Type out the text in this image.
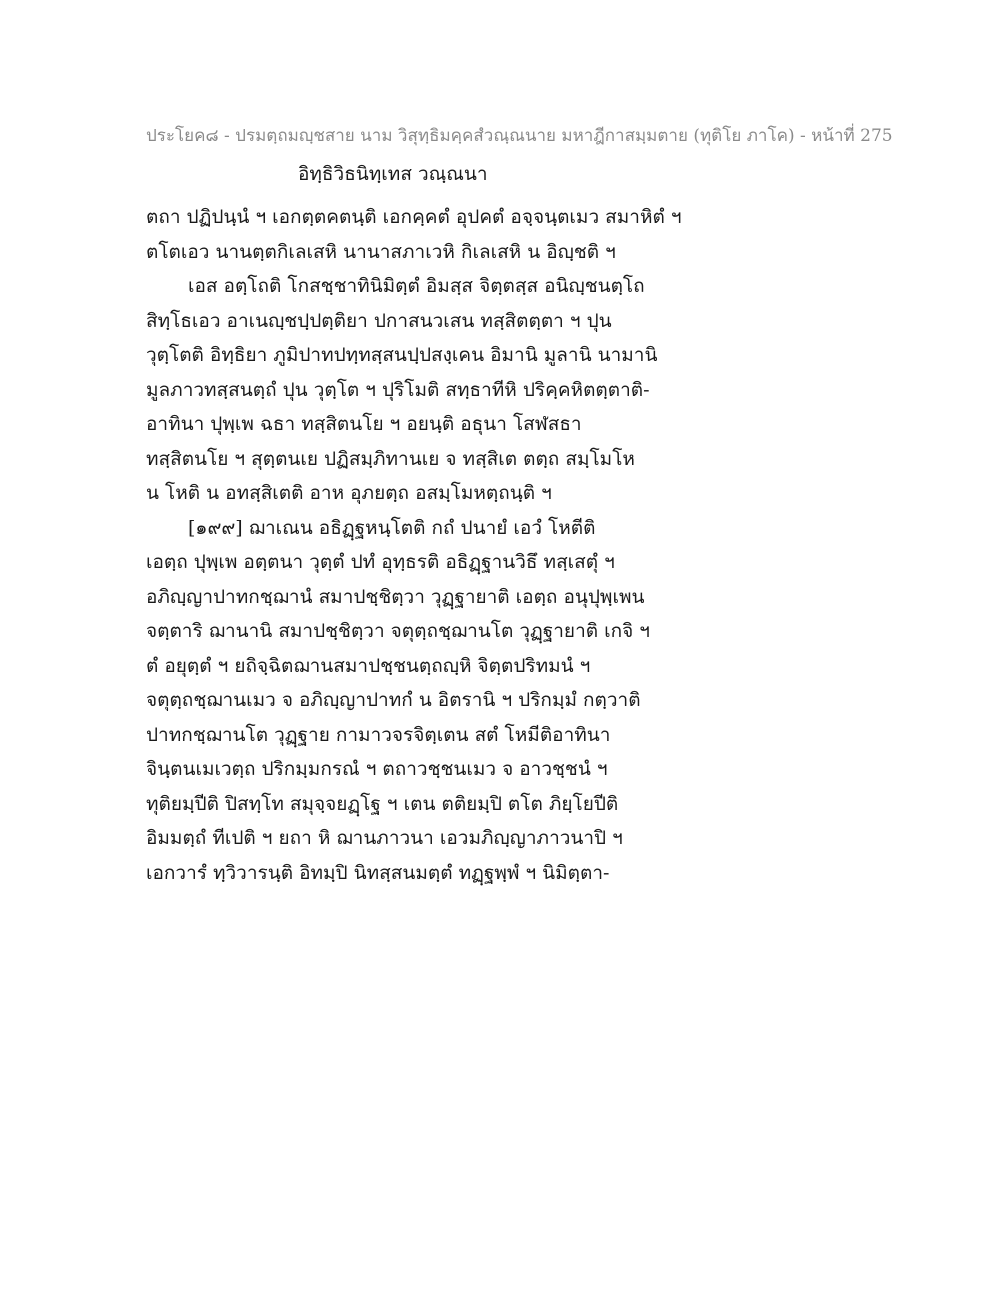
ประโยค๘ - ปรมตฺถมญฺชสาย นาม วิสุทฺธิมคฺคสํวณฺณนาย มหาฎีกาสมฺมตาย (ทุติโย ภาโค) - หน้าที่ 275
อิทฺธิวิธนิทฺเทส วณฺณนา
ตถา ปฏิปนฺนํ ฯ เอกตฺตคตนฺติ เอกคฺคตํ อุปคตํ อจฺจนฺตเมว สมาหิตํ ฯ
ตโตเอว นานตฺตกิเลเสหิ นานาสภาเวหิ กิเลเสหิ น อิญฺชติ ฯ
เอส อตฺโถติ โกสชฺชาทินิมิตฺตํ อิมสฺส จิตฺตสฺส อนิญฺชนตฺโถ
สิทฺโธเอว อาเนญฺชปฺปตฺติยา ปกาสนวเสน ทสฺสิตตฺตา ฯ ปุน
วุตฺโตติ อิทฺธิยา ภูมิปาทปทฺทสฺสนปฺปสงฺเคน อิมานิ มูลานิ นามานิ
มูลภาวทสฺสนตฺถํ ปุน วุตฺโต ฯ ปุริโมติ สทฺธาทีหิ ปริคฺคหิตตฺตาติ-
อาทินา ปุพฺเพ ฉธา ทสฺสิตนโย ฯ อยนฺติ อธุนา โสฬสธา
ทสฺสิตนโย ฯ สุตฺตนเย ปฏิสมฺภิทานเย จ ทสฺสิเต ตตฺถ สมฺโมโห
น โหติ น อทสฺสิเตติ อาห อุภยตฺถ อสมฺโมหตฺถนฺติ ฯ
[๑๙๙] ฌาเณน อธิฏฺฐหนฺโตติ กถํ ปนายํ เอวํ โหตีติ
เอตฺถ ปุพฺเพ อตฺตนา วุตฺตํ ปทํ อุทฺธรติ อธิฏฺฐานวิธึ ทสฺเสตุํ ฯ
อภิญฺญาปาทกชฺฌานํ สมาปชฺชิตฺวา วุฏฺฐายาติ เอตฺถ อนุปุพฺเพน
จตฺตาริ ฌานานิ สมาปชฺชิตฺวา จตุตฺถชฺฌานโต วุฏฺฐายาติ เกจิ ฯ
ตํ อยุตฺตํ ฯ ยถิจฺฉิตฌานสมาปชฺชนตฺถญฺหิ จิตฺตปริทมนํ ฯ
จตุตฺถชฺฌานเมว จ อภิญฺญาปาทกํ น อิตรานิ ฯ ปริกมฺมํ กตฺวาติ
ปาทกชฺฌานโต วุฏฺฐาย กามาวจรจิตฺเตน สตํ โหมีติอาทินา
จินฺตนเมเวตฺถ ปริกมฺมกรณํ ฯ ตถาวชฺชนเมว จ อาวชฺชนํ ฯ
ทุติยมฺปีติ ปิสทฺโท สมุจฺจยฏฺโฐ ฯ เตน ตติยมฺปิ ตโต ภิยฺโยปีติ
อิมมตฺถํ ทีเปติ ฯ ยถา หิ ฌานภาวนา เอวมภิญฺญาภาวนาปิ ฯ
เอกวารํ ทฺวิวารนฺติ อิทมฺปิ นิทสฺสนมตฺตํ ทฏฺฐพฺพํ ฯ นิมิตฺตา-
